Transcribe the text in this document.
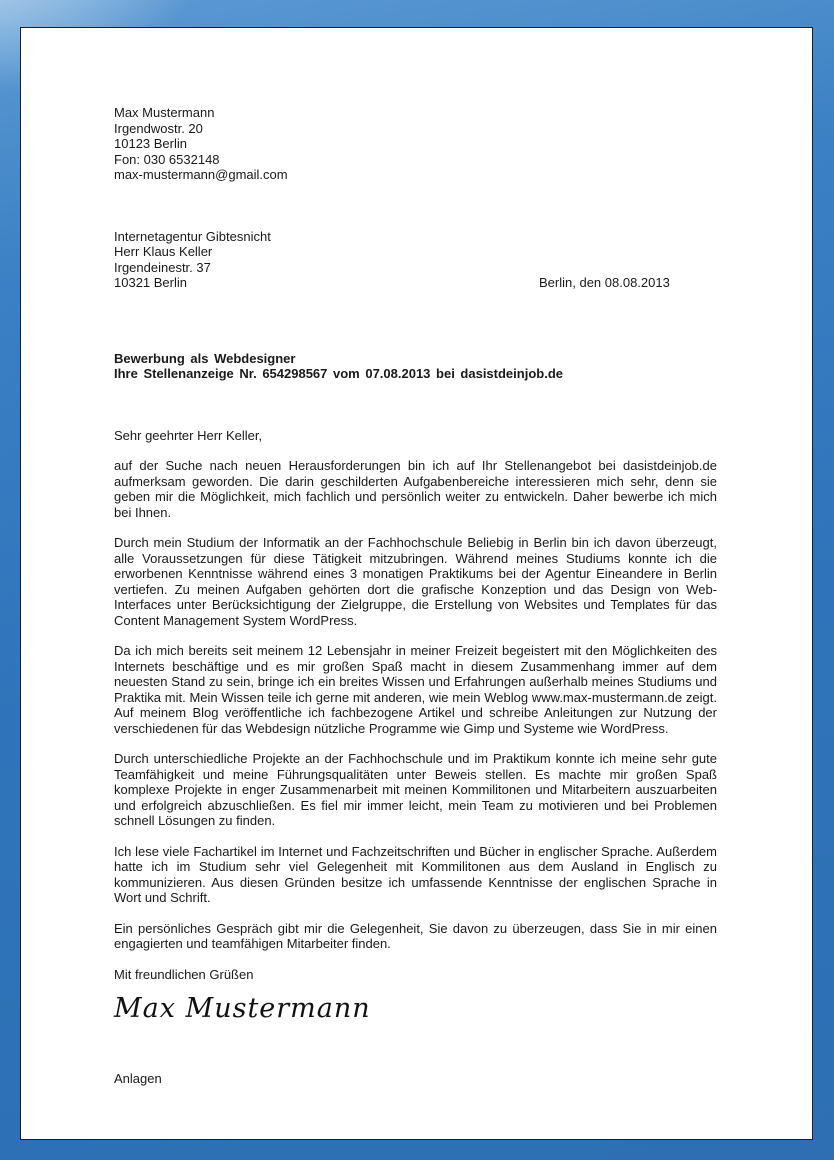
Max Mustermann
Irgendwostr. 20
10123 Berlin
Fon: 030 6532148
max-mustermann@gmail.com
Internetagentur Gibtesnicht
Herr Klaus Keller
Irgendeinestr. 37
10321 Berlin	Berlin, den 08.08.2013
Bewerbung als Webdesigner
Ihre Stellenanzeige Nr. 654298567 vom 07.08.2013 bei dasistdeinjob.de
Sehr geehrter Herr Keller,

auf der Suche nach neuen Herausforderungen bin ich auf Ihr Stellenangebot bei dasistdeinjob.de aufmerksam geworden. Die darin geschilderten Aufgabenbereiche interessieren mich sehr, denn sie geben mir die Möglichkeit, mich fachlich und persönlich weiter zu entwickeln. Daher bewerbe ich mich bei Ihnen.

Durch mein Studium der Informatik an der Fachhochschule Beliebig in Berlin bin ich davon überzeugt, alle Voraussetzungen für diese Tätigkeit mitzubringen. Während meines Studiums konnte ich die erworbenen Kenntnisse während eines 3 monatigen Praktikums bei der Agentur Eineandere in Berlin vertiefen. Zu meinen Aufgaben gehörten dort die grafische Konzeption und das Design von Web-Interfaces unter Berücksichtigung der Zielgruppe, die Erstellung von Websites und Templates für das Content Management System WordPress.

Da ich mich bereits seit meinem 12 Lebensjahr in meiner Freizeit begeistert mit den Möglichkeiten des Internets beschäftige und es mir großen Spaß macht in diesem Zusammenhang immer auf dem neuesten Stand zu sein, bringe ich ein breites Wissen und Erfahrungen außerhalb meines Studiums und Praktika mit. Mein Wissen teile ich gerne mit anderen, wie mein Weblog www.max-mustermann.de zeigt. Auf meinem Blog veröffentliche ich fachbezogene Artikel und schreibe Anleitungen zur Nutzung der verschiedenen für das Webdesign nützliche Programme wie Gimp und Systeme wie WordPress.

Durch unterschiedliche Projekte an der Fachhochschule und im Praktikum konnte ich meine sehr gute Teamfähigkeit und meine Führungsqualitäten unter Beweis stellen. Es machte mir großen Spaß komplexe Projekte in enger Zusammenarbeit mit meinen Kommilitonen und Mitarbeitern auszuarbeiten und erfolgreich abzuschließen. Es fiel mir immer leicht, mein Team zu motivieren und bei Problemen schnell Lösungen zu finden.

Ich lese viele Fachartikel im Internet und Fachzeitschriften und Bücher in englischer Sprache. Außerdem hatte ich im Studium sehr viel Gelegenheit mit Kommilitonen aus dem Ausland in Englisch zu kommunizieren. Aus diesen Gründen besitze ich umfassende Kenntnisse der englischen Sprache in Wort und Schrift.

Ein persönliches Gespräch gibt mir die Gelegenheit, Sie davon zu überzeugen, dass Sie in mir einen engagierten und teamfähigen Mitarbeiter finden.

Mit freundlichen Grüßen
Max Mustermann
Anlagen
